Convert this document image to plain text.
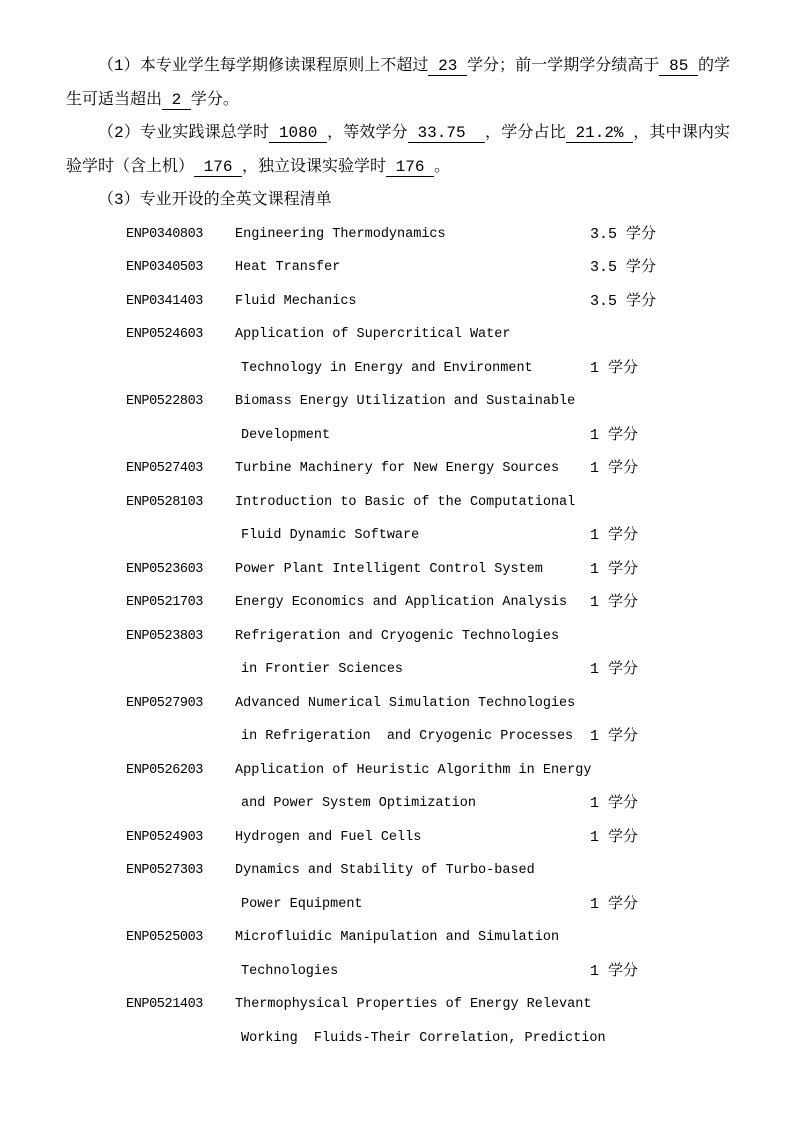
（1）本专业学生每学期修读课程原则上不超过 23 学分；前一学期学分绩高于 85 的学生可适当超出 2 学分。

（2）专业实践课总学时 1080 ，等效学分 33.75  ，学分占比 21.2% ，其中课内实验学时（含上机） 176 ，独立设课实验学时 176 。

（3）专业开设的全英文课程清单

ENP0340803 Engineering Thermodynamics	3.5 学分
ENP0340503 Heat Transfer	3.5 学分
ENP0341403 Fluid Mechanics	3.5 学分
ENP0524603 Application of Supercritical Water
Technology in Energy and Environment	1 学分
ENP0522803 Biomass Energy Utilization and Sustainable
Development	1 学分
ENP0527403 Turbine Machinery for New Energy Sources 1 学分
ENP0528103 Introduction to Basic of the Computational
Fluid Dynamic Software	1 学分
ENP0523603 Power Plant Intelligent Control System	1 学分
ENP0521703 Energy Economics and Application Analysis 1 学分
ENP0523803 Refrigeration and Cryogenic Technologies
in Frontier Sciences	1 学分
ENP0527903 Advanced Numerical Simulation Technologies
in Refrigeration  and Cryogenic Processes 1 学分
ENP0526203 Application of Heuristic Algorithm in Energy
and Power System Optimization	1 学分
ENP0524903 Hydrogen and Fuel Cells	1 学分
ENP0527303 Dynamics and Stability of Turbo-based
Power Equipment	1 学分
ENP0525003 Microfluidic Manipulation and Simulation
Technologies	1 学分
ENP0521403 Thermophysical Properties of Energy Relevant
Working  Fluids-Their Correlation, Prediction
